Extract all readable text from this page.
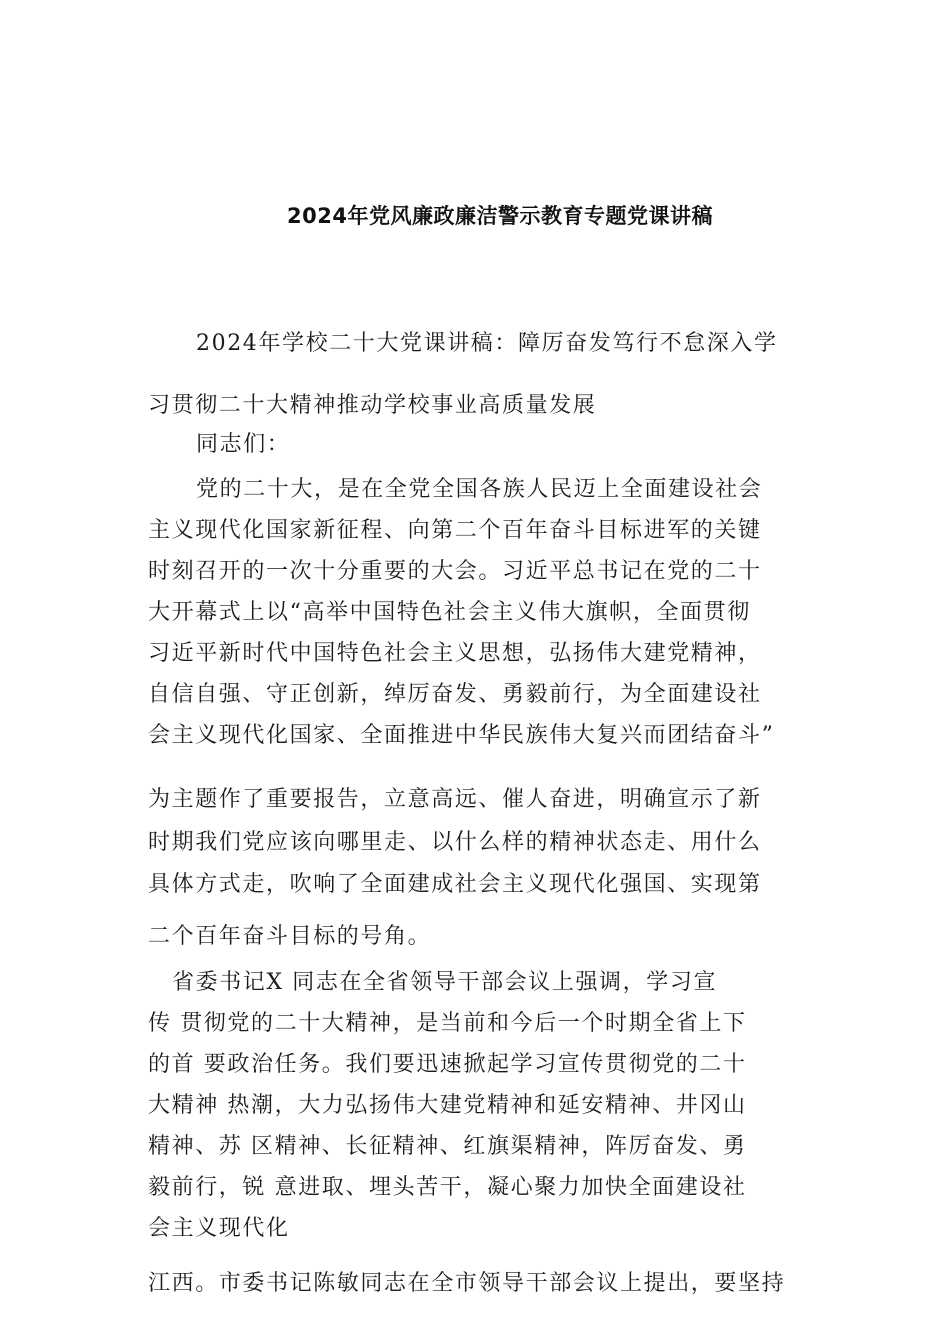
2024年党风廉政廉洁警示教育专题党课讲稿
2024年学校二十大党课讲稿：障厉奋发笃行不怠深入学
习贯彻二十大精神推动学校事业高质量发展
同志们：
党的二十大，是在全党全国各族人民迈上全面建设社会
主义现代化国家新征程、向第二个百年奋斗目标进军的关键
时刻召开的一次十分重要的大会。习近平总书记在党的二十
大开幕式上以“高举中国特色社会主义伟大旗帜，全面贯彻
习近平新时代中国特色社会主义思想，弘扬伟大建党精神，
自信自强、守正创新，绰厉奋发、勇毅前行，为全面建设社
会主义现代化国家、全面推进中华民族伟大复兴而团结奋斗”
为主题作了重要报告，立意高远、催人奋进，明确宣示了新
时期我们党应该向哪里走、以什么样的精神状态走、用什么
具体方式走，吹响了全面建成社会主义现代化强国、实现第
二个百年奋斗目标的号角。
省委书记X 同志在全省领导干部会议上强调，学习宣
传 贯彻党的二十大精神，是当前和今后一个时期全省上下
的首 要政治任务。我们要迅速掀起学习宣传贯彻党的二十
大精神 热潮，大力弘扬伟大建党精神和延安精神、井冈山
精神、苏 区精神、长征精神、红旗渠精神，阵厉奋发、勇
毅前行，锐 意进取、埋头苦干，凝心聚力加快全面建设社
会主义现代化
江西。市委书记陈敏同志在全市领导干部会议上提出，要坚持
